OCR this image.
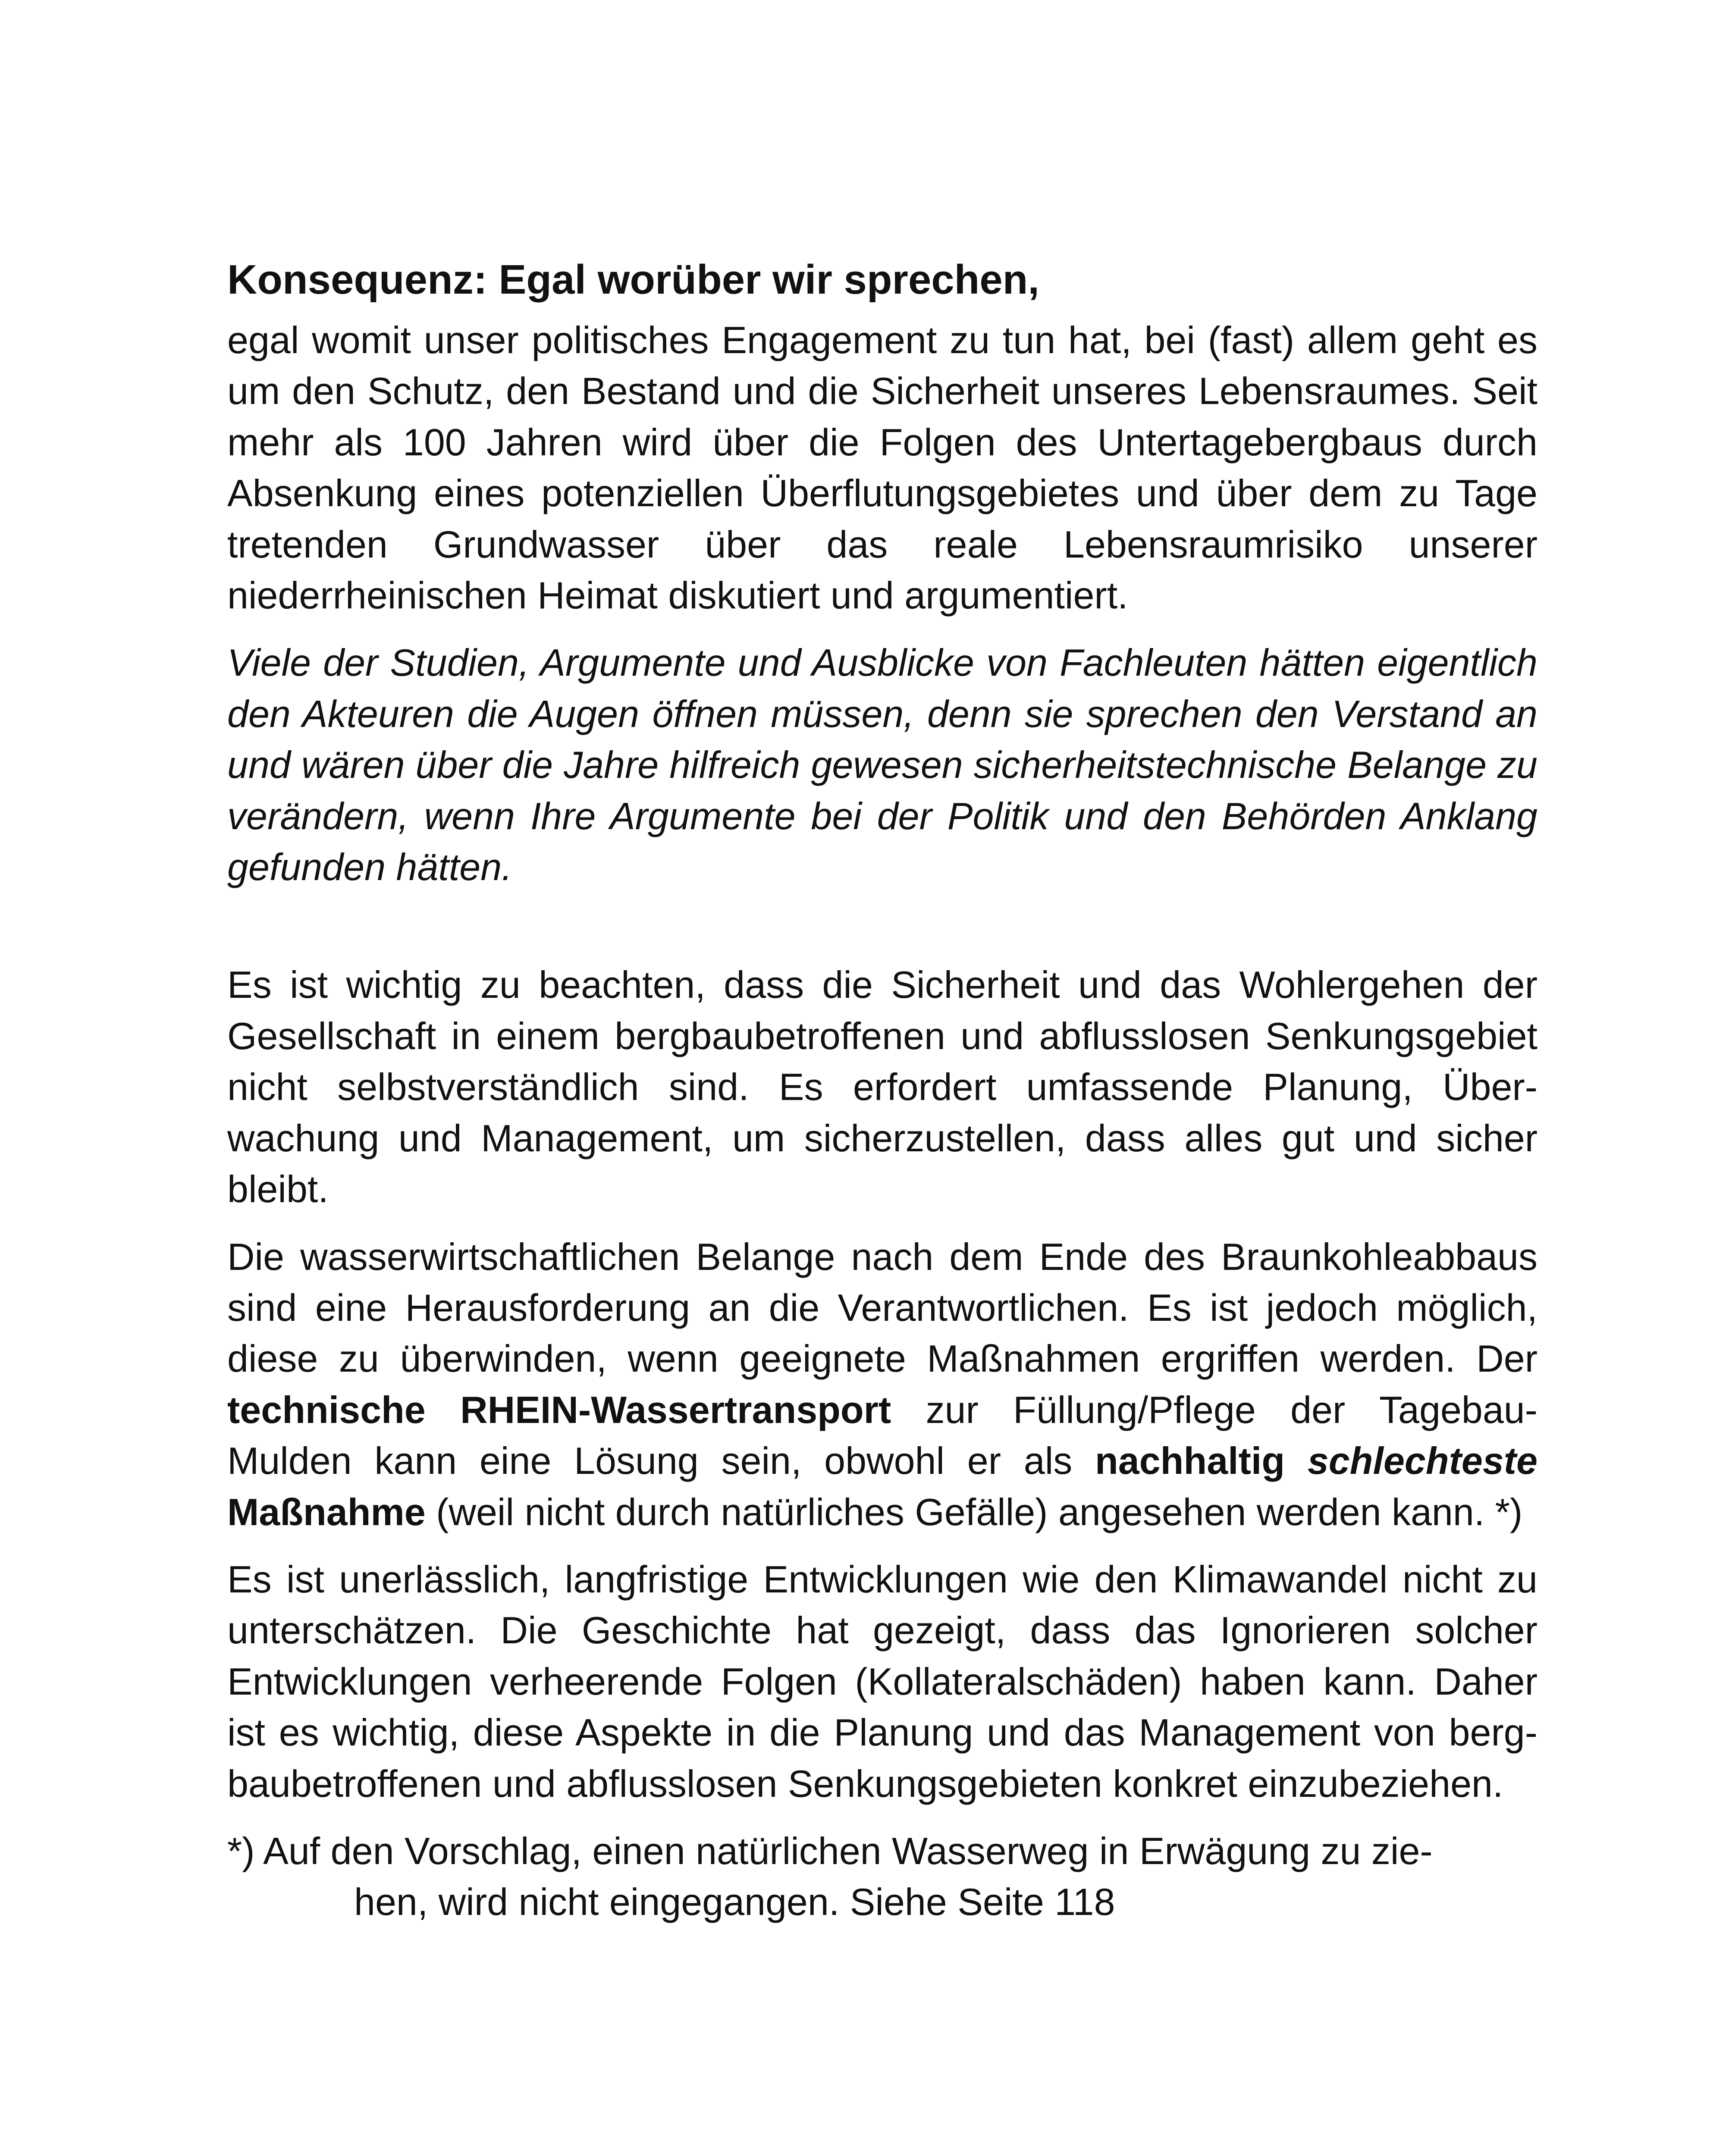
Konsequenz: Egal worüber wir sprechen,

egal womit unser politisches Engagement zu tun hat, bei (fast) allem geht es um den Schutz, den Bestand und die Sicherheit unseres Lebensraumes. Seit mehr als 100 Jahren wird über die Folgen des Untertagebergbaus durch Absenkung eines potenziellen Überflutungsgebietes und über dem zu Tage tretenden Grundwasser über das reale Lebensraumrisiko unserer niederrheinischen Heimat diskutiert und argumentiert.

Viele der Studien, Argumente und Ausblicke von Fachleuten hätten eigentlich den Akteuren die Augen öffnen müssen, denn sie sprechen den Verstand an und wären über die Jahre hilfreich gewesen sicherheitstechnische Belange zu verändern, wenn Ihre Argumente bei der Politik und den Behörden Anklang gefunden hätten.

Es ist wichtig zu beachten, dass die Sicherheit und das Wohlergehen der Gesellschaft in einem bergbaubetroffenen und abflusslosen Senkungsgebiet nicht selbstverständlich sind. Es erfordert umfassende Planung, Überwachung und Management, um sicherzustellen, dass alles gut und sicher bleibt.

Die wasserwirtschaftlichen Belange nach dem Ende des Braunkohleabbaus sind eine Herausforderung an die Verantwortlichen. Es ist jedoch möglich, diese zu überwinden, wenn geeignete Maßnahmen ergriffen werden. Der technische RHEIN-Wassertransport zur Füllung/Pflege der Tagebau-Mulden kann eine Lösung sein, obwohl er als nachhaltig schlechteste Maßnahme (weil nicht durch natürliches Gefälle) angesehen werden kann. *)

Es ist unerlässlich, langfristige Entwicklungen wie den Klimawandel nicht zu unterschätzen. Die Geschichte hat gezeigt, dass das Ignorieren solcher Entwicklungen verheerende Folgen (Kollateralschäden) haben kann. Daher ist es wichtig, diese Aspekte in die Planung und das Management von bergbaubetroffenen und abflusslosen Senkungsgebieten konkret einzubeziehen.

*) Auf den Vorschlag, einen natürlichen Wasserweg in Erwägung zu zie-
hen, wird nicht eingegangen. Siehe Seite 118
